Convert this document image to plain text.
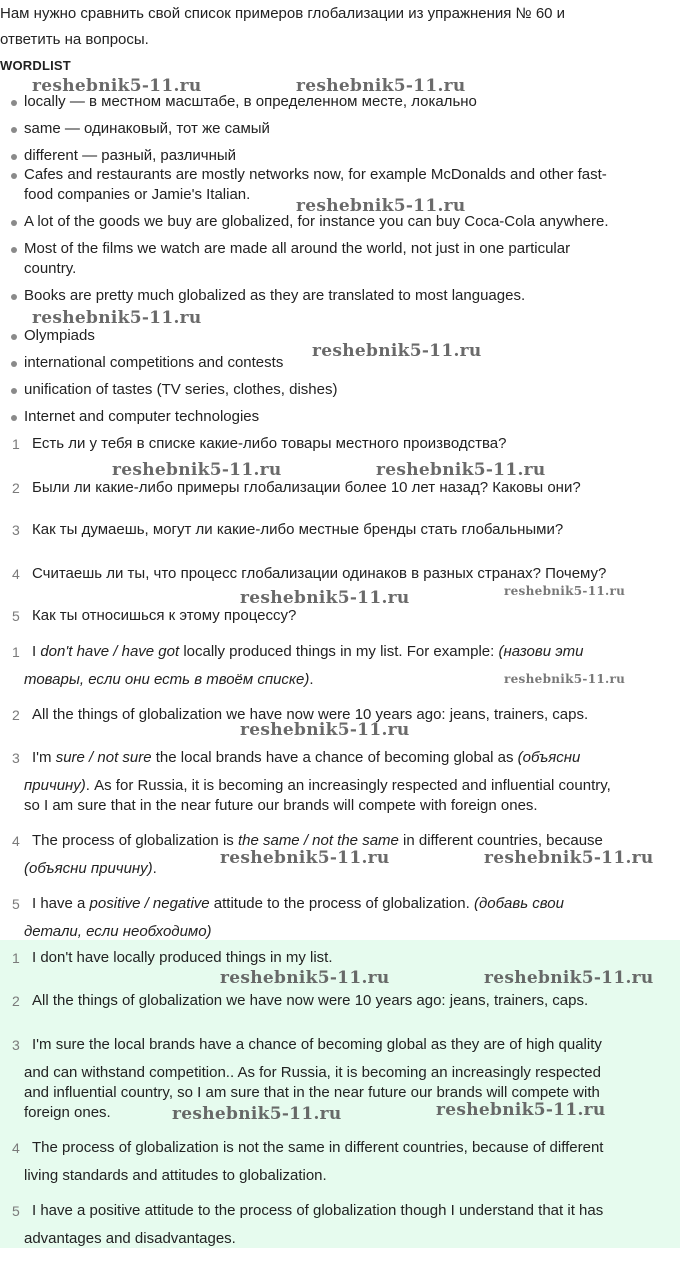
Нам нужно сравнить свой список примеров глобализации из упражнения № 60 и
ответить на вопросы.
WORDLIST
locally — в местном масштабе, в определенном месте, локально
same — одинаковый, тот же самый
different — разный, различный
Cafes and restaurants are mostly networks now, for example McDonalds and other fast-
food companies or Jamie's Italian.
A lot of the goods we buy are globalized, for instance you can buy Coca-Cola anywhere.
Most of the films we watch are made all around the world, not just in one particular
country.
Books are pretty much globalized as they are translated to most languages.
Olympiads
international competitions and contests
unification of tastes (TV series, clothes, dishes)
Internet and computer technologies
1 Есть ли у тебя в списке какие-либо товары местного производства?
2 Были ли какие-либо примеры глобализации более 10 лет назад? Каковы они?
3 Как ты думаешь, могут ли какие-либо местные бренды стать глобальными?
4 Считаешь ли ты, что процесс глобализации одинаков в разных странах? Почему?
5 Как ты относишься к этому процессу?
1 I don't have / have got locally produced things in my list. For example: (назови эти
товары, если они есть в твоём списке).
2 All the things of globalization we have now were 10 years ago: jeans, trainers, caps.
3 I'm sure / not sure the local brands have a chance of becoming global as (объясни
причину). As for Russia, it is becoming an increasingly respected and influential country,
so I am sure that in the near future our brands will compete with foreign ones.
4 The process of globalization is the same / not the same in different countries, because
(объясни причину).
5 I have a positive / negative attitude to the process of globalization. (добавь свои
детали, если необходимо)
1 I don't have locally produced things in my list.
2 All the things of globalization we have now were 10 years ago: jeans, trainers, caps.
3 I'm sure the local brands have a chance of becoming global as they are of high quality
and can withstand competition.. As for Russia, it is becoming an increasingly respected
and influential country, so I am sure that in the near future our brands will compete with
foreign ones.
4 The process of globalization is not the same in different countries, because of different
living standards and attitudes to globalization.
5 I have a positive attitude to the process of globalization though I understand that it has
advantages and disadvantages.
reshebnik5-11.ru	reshebnik5-11.ru
reshebnik5-11.ru
reshebnik5-11.ru
reshebnik5-11.ru
reshebnik5-11.ru	reshebnik5-11.ru
reshebnik5-11.ru	reshebnik5-11.ru
reshebnik5-11.ru
reshebnik5-11.ru
reshebnik5-11.ru	reshebnik5-11.ru
reshebnik5-11.ru	reshebnik5-11.ru
reshebnik5-11.ru	reshebnik5-11.ru
